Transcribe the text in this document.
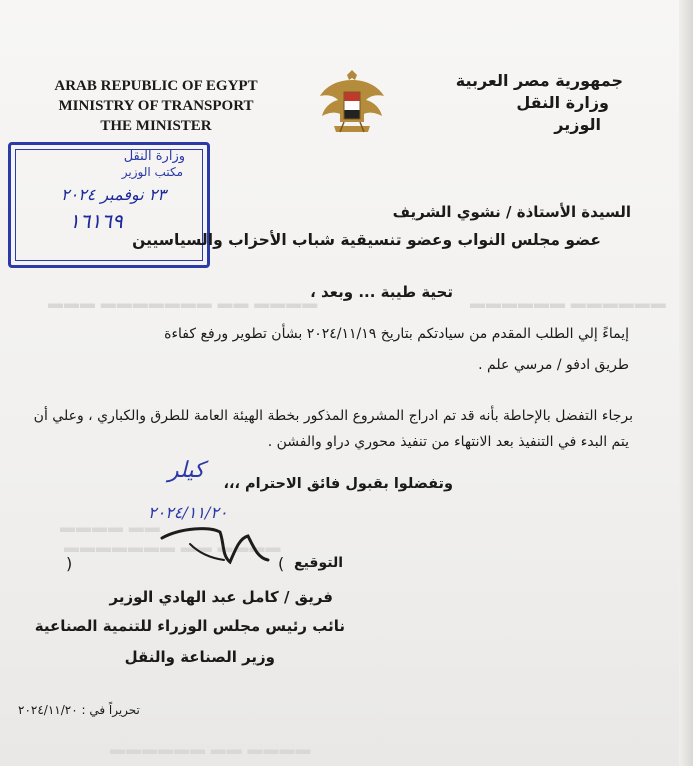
▬▬▬ ▬▬▬▬▬▬▬ ▬▬ ▬▬▬▬	▬▬▬▬▬▬ ▬▬▬▬▬▬
▬▬▬▬ ▬▬
▬▬▬▬▬▬▬ ▬▬ ▬▬▬▬
▬▬▬▬▬▬ ▬▬ ▬▬▬▬
ARAB REPUBLIC OF EGYPT
MINISTRY OF TRANSPORT
THE MINISTER
جمهورية مصر العربية
وزارة النقل
الوزير
وزارة النقل
مكتب الوزير
٢٣ نوفمبر ٢٠٢٤
١٦١٦٩	السيدة الأستاذة / نشوي الشريف
عضو مجلس النواب وعضو تنسيقية شباب الأحزاب والسياسيين
تحية طيبة ... وبعد ،
إيماءً إلي الطلب المقدم من سيادتكم بتاريخ ٢٠٢٤/١١/١٩ بشأن تطوير ورفع كفاءة
طريق ادفو / مرسي علم .
برجاء التفضل بالإحاطة بأنه قد تم ادراج المشروع المذكور بخطة الهيئة العامة للطرق والكباري ، وعلي أن
يتم البدء في التنفيذ بعد الانتهاء من تنفيذ محوري دراو والفشن .
وتفضلوا بقبول فائق الاحترام ،،،
كيلر
٢٠٢٤/١١/٢٠
التوقيع
(
)
فريق / كامل عبد الهادي الوزير
نائب رئيس مجلس الوزراء للتنمية الصناعية
وزير الصناعة والنقل
تحريراً في : ٢٠٢٤/١١/٢٠
